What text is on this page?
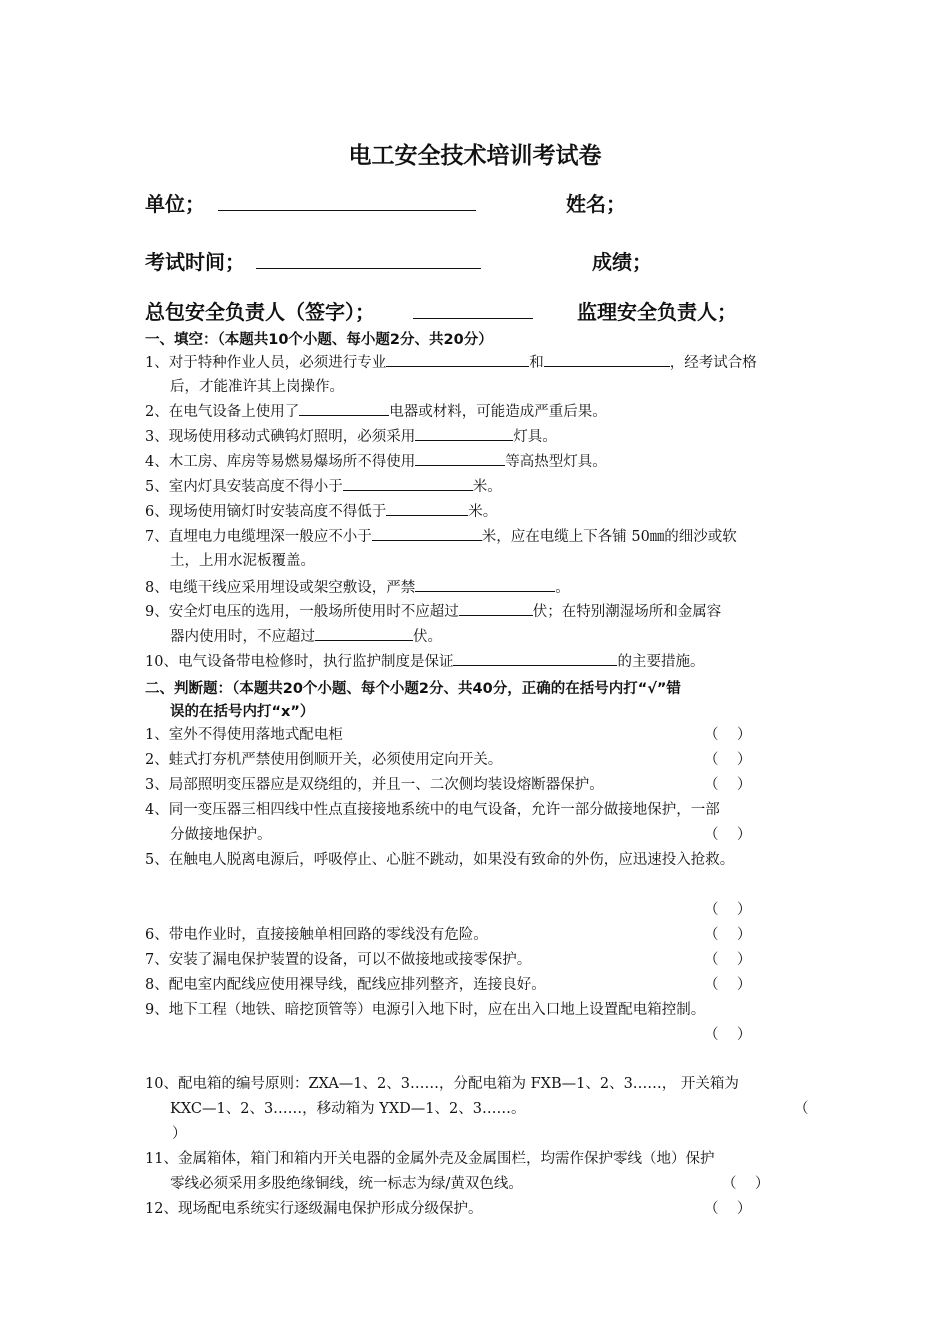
电工安全技术培训考试卷
单位；	姓名；
考试时间；	成绩；
总包安全负责人（签字）；	监理安全负责人；
一、填空：（本题共10个小题、每小题2分、共20分）
1、对于特种作业人员，必须进行专业	和	，经考试合格
后，才能准许其上岗操作。
2、在电气设备上使用了	电器或材料，可能造成严重后果。
3、现场使用移动式碘钨灯照明，必须采用	灯具。
4、木工房、库房等易燃易爆场所不得使用	等高热型灯具。
5、室内灯具安装高度不得小于	米。
6、现场使用镝灯时安装高度不得低于	米。
7、直埋电力电缆埋深一般应不小于	米，应在电缆上下各铺 50㎜的细沙或软
土，上用水泥板覆盖。
8、电缆干线应采用埋设或架空敷设，严禁	。
9、安全灯电压的选用，一般场所使用时不应超过	伏；在特别潮湿场所和金属容
器内使用时，不应超过	伏。
10、电气设备带电检修时，执行监护制度是保证	的主要措施。
二、判断题：（本题共20个小题、每个小题2分、共40分，正确的在括号内打“√”错
误的在括号内打“x”）
1、室外不得使用落地式配电柜	（    ）
2、蛙式打夯机严禁使用倒顺开关，必须使用定向开关。	（    ）
3、局部照明变压器应是双绕组的，并且一、二次侧均装设熔断器保护。	（    ）
4、同一变压器三相四线中性点直接接地系统中的电气设备，允许一部分做接地保护，一部
分做接地保护。	（    ）
5、在触电人脱离电源后，呼吸停止、心脏不跳动，如果没有致命的外伤，应迅速投入抢救。
（    ）
6、带电作业时，直接接触单相回路的零线没有危险。	（    ）
7、安装了漏电保护装置的设备，可以不做接地或接零保护。	（    ）
8、配电室内配线应使用裸导线，配线应排列整齐，连接良好。	（    ）
9、地下工程（地铁、暗挖顶管等）电源引入地下时，应在出入口地上设置配电箱控制。
（    ）
10、配电箱的编号原则：ZXA—1、2、3……，分配电箱为 FXB—1、2、3……， 开关箱为
KXC—1、2、3……，移动箱为 YXD—1、2、3……。	（
）
11、金属箱体，箱门和箱内开关电器的金属外壳及金属围栏，均需作保护零线（地）保护
零线必须采用多股绝缘铜线，统一标志为绿/黄双色线。	（    ）
12、现场配电系统实行逐级漏电保护形成分级保护。	（    ）
